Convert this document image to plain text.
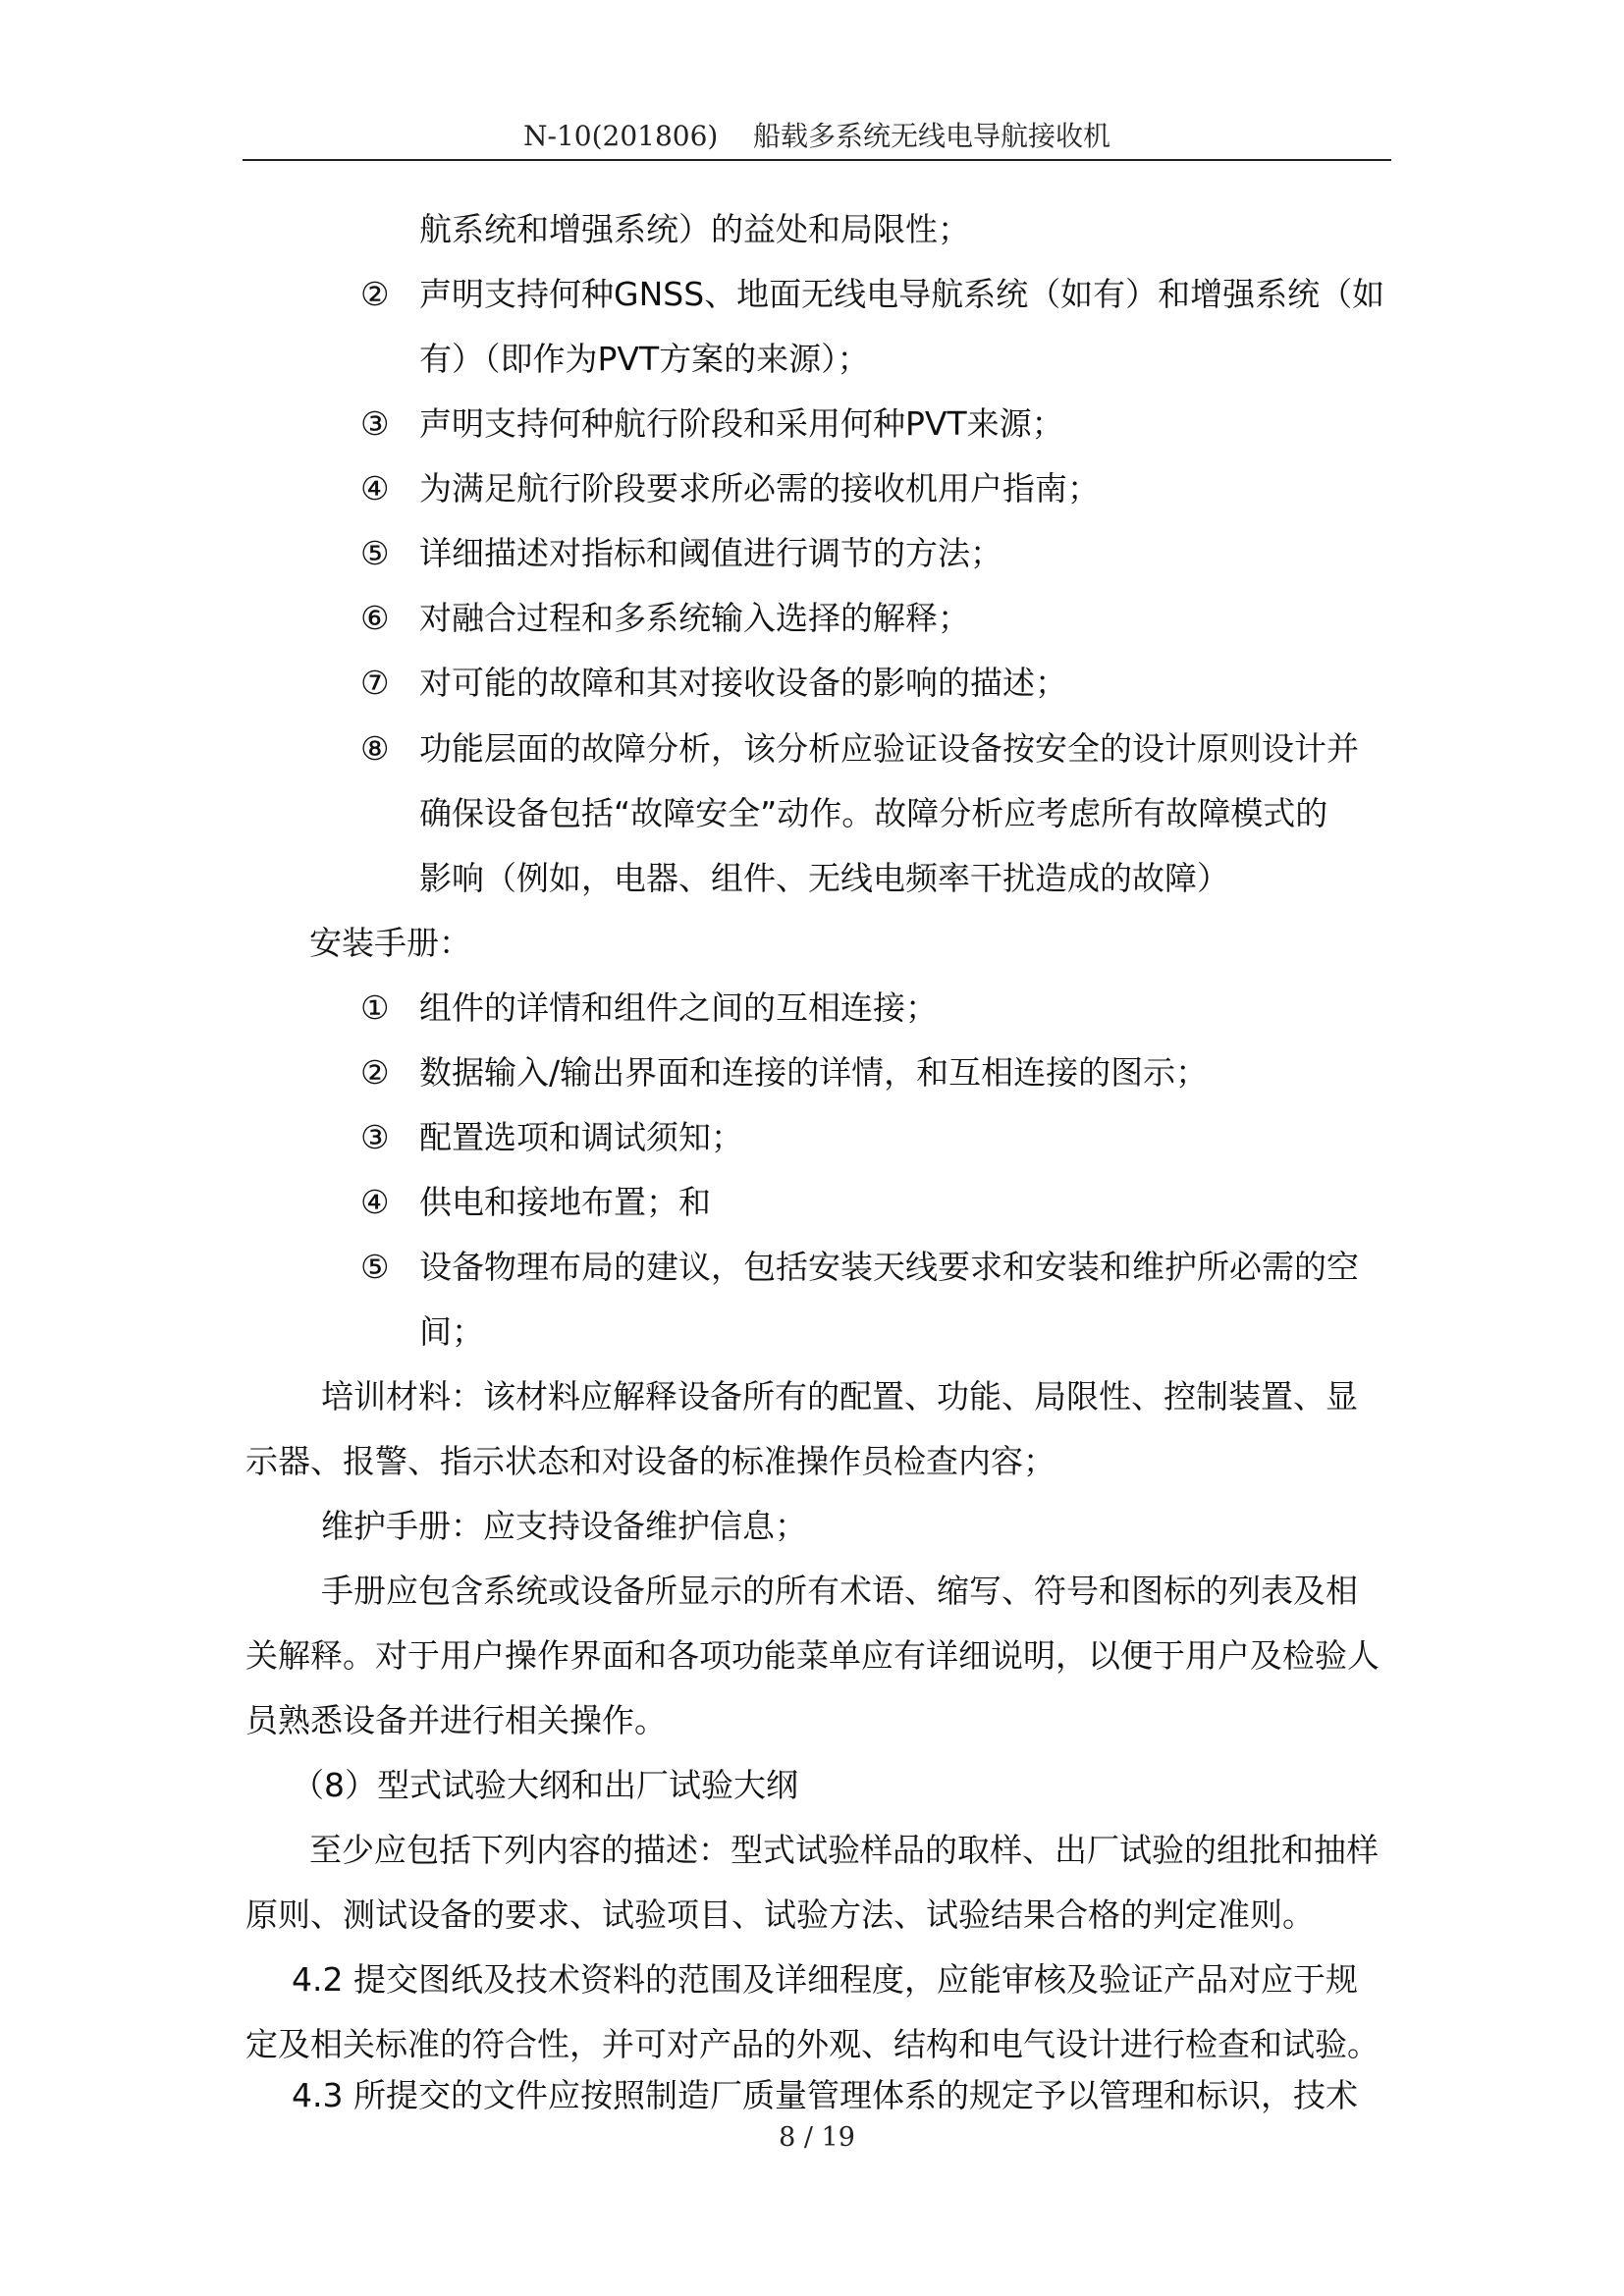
N-10(201806) 船载多系统无线电导航接收机
航系统和增强系统）的益处和局限性；
② 声明支持何种GNSS、地面无线电导航系统（如有）和增强系统（如
有）（即作为PVT方案的来源）；
③ 声明支持何种航行阶段和采用何种PVT来源；
④ 为满足航行阶段要求所必需的接收机用户指南；
⑤ 详细描述对指标和阈值进行调节的方法；
⑥ 对融合过程和多系统输入选择的解释；
⑦ 对可能的故障和其对接收设备的影响的描述；
⑧ 功能层面的故障分析，该分析应验证设备按安全的设计原则设计并
确保设备包括“故障安全”动作。故障分析应考虑所有故障模式的
影响（例如，电器、组件、无线电频率干扰造成的故障）
安装手册：
① 组件的详情和组件之间的互相连接；
② 数据输入/输出界面和连接的详情，和互相连接的图示；
③ 配置选项和调试须知；
④ 供电和接地布置；和
⑤ 设备物理布局的建议，包括安装天线要求和安装和维护所必需的空
间；
培训材料：该材料应解释设备所有的配置、功能、局限性、控制装置、显
示器、报警、指示状态和对设备的标准操作员检查内容；
维护手册：应支持设备维护信息；
手册应包含系统或设备所显示的所有术语、缩写、符号和图标的列表及相
关解释。对于用户操作界面和各项功能菜单应有详细说明，以便于用户及检验人
员熟悉设备并进行相关操作。
（8）型式试验大纲和出厂试验大纲
至少应包括下列内容的描述：型式试验样品的取样、出厂试验的组批和抽样
原则、测试设备的要求、试验项目、试验方法、试验结果合格的判定准则。
4.2 提交图纸及技术资料的范围及详细程度，应能审核及验证产品对应于规
定及相关标准的符合性，并可对产品的外观、结构和电气设计进行检查和试验。
4.3 所提交的文件应按照制造厂质量管理体系的规定予以管理和标识，技术
8 / 19
